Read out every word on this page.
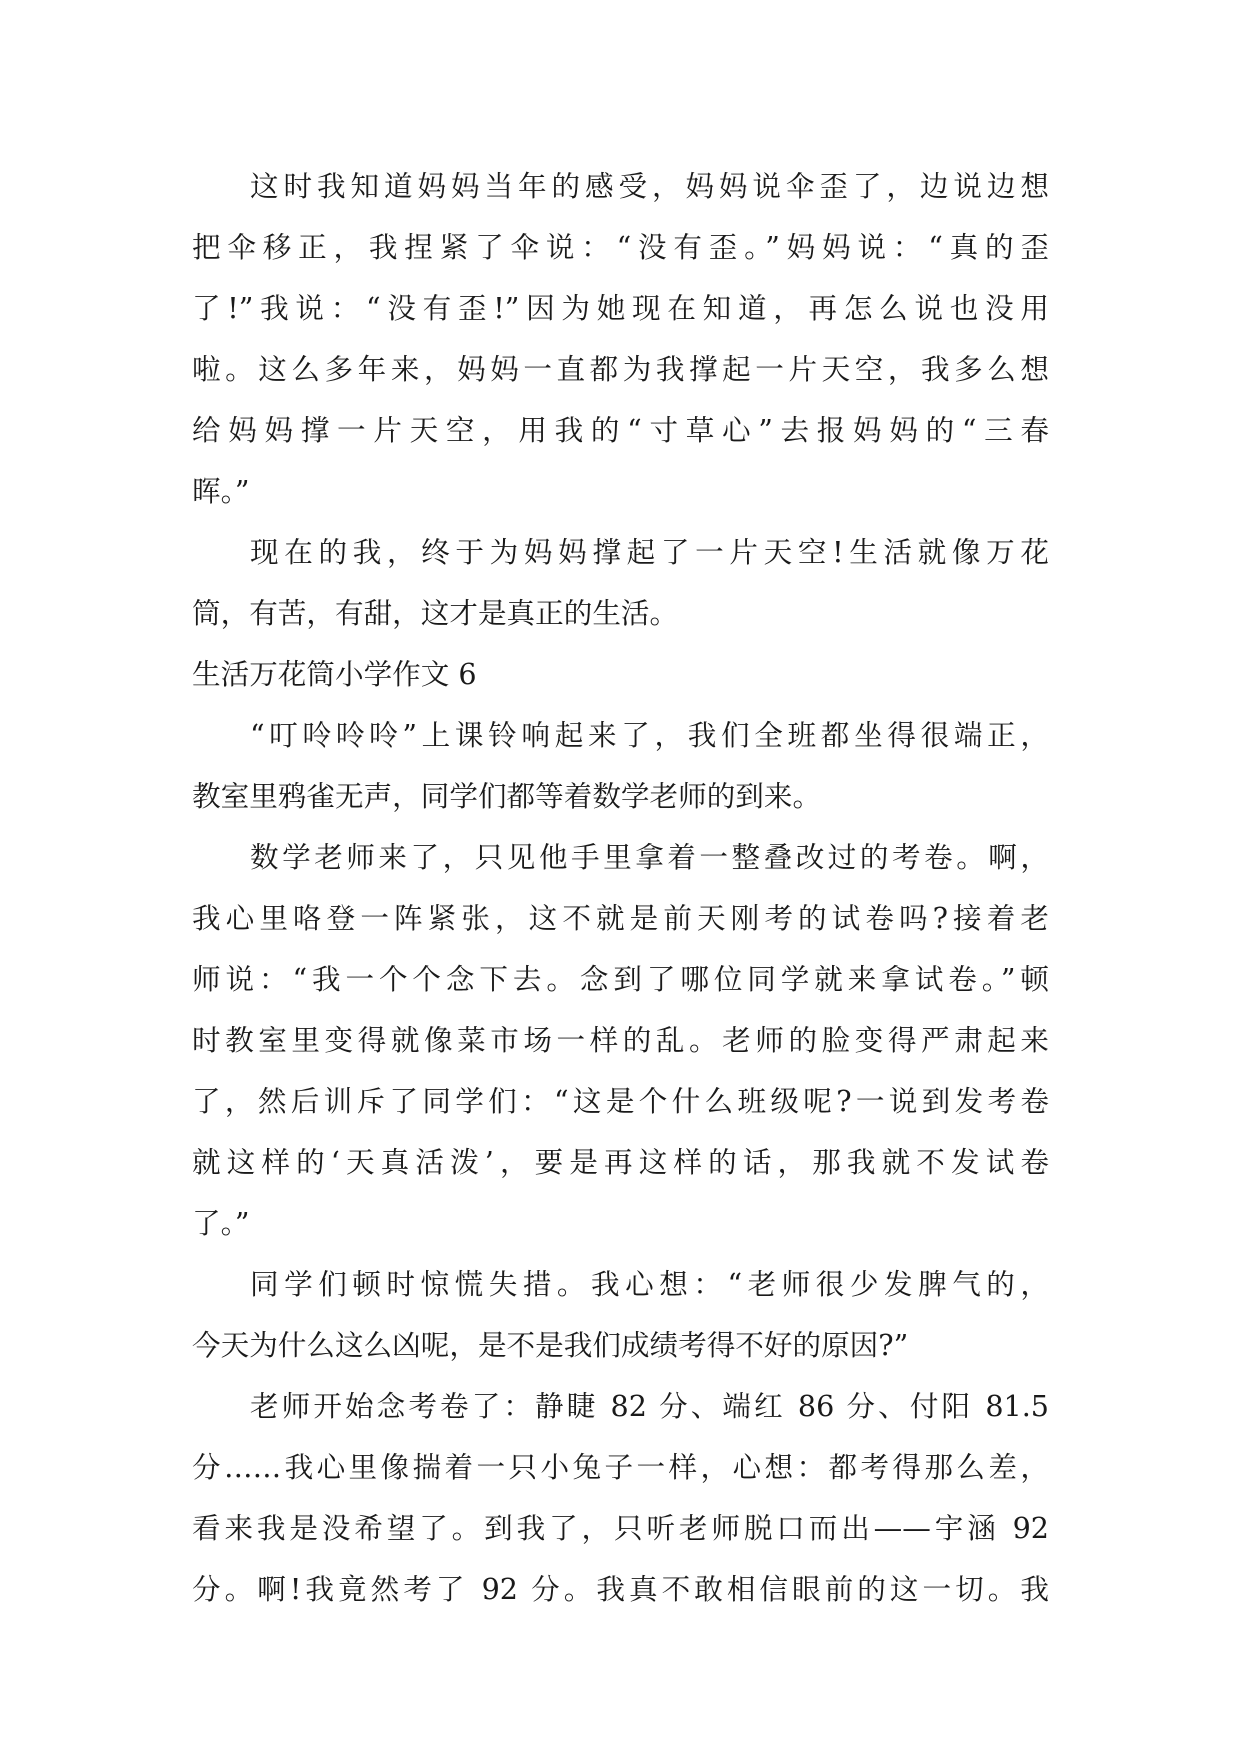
这时我知道妈妈当年的感受，妈妈说伞歪了，边说边想
把伞移正，我捏紧了伞说：“没有歪。”妈妈说：“真的歪
了!”我说：“没有歪!”因为她现在知道，再怎么说也没用
啦。这么多年来，妈妈一直都为我撑起一片天空，我多么想
给妈妈撑一片天空，用我的“寸草心”去报妈妈的“三春
晖。”
现在的我，终于为妈妈撑起了一片天空!生活就像万花
筒，有苦，有甜，这才是真正的生活。
生活万花筒小学作文 6
“叮呤呤呤”上课铃响起来了，我们全班都坐得很端正，
教室里鸦雀无声，同学们都等着数学老师的到来。
数学老师来了，只见他手里拿着一整叠改过的考卷。啊，
我心里咯登一阵紧张，这不就是前天刚考的试卷吗?接着老
师说：“我一个个念下去。念到了哪位同学就来拿试卷。”顿
时教室里变得就像菜市场一样的乱。老师的脸变得严肃起来
了，然后训斥了同学们：“这是个什么班级呢?一说到发考卷
就这样的‘天真活泼’，要是再这样的话，那我就不发试卷
了。”
同学们顿时惊慌失措。我心想：“老师很少发脾气的，
今天为什么这么凶呢，是不是我们成绩考得不好的原因?”
老师开始念考卷了：静睫 82 分、端红 86 分、付阳 81.5
分……我心里像揣着一只小兔子一样，心想：都考得那么差，
看来我是没希望了。到我了，只听老师脱口而出——宇涵 92
分。啊!我竟然考了 92 分。我真不敢相信眼前的这一切。我
